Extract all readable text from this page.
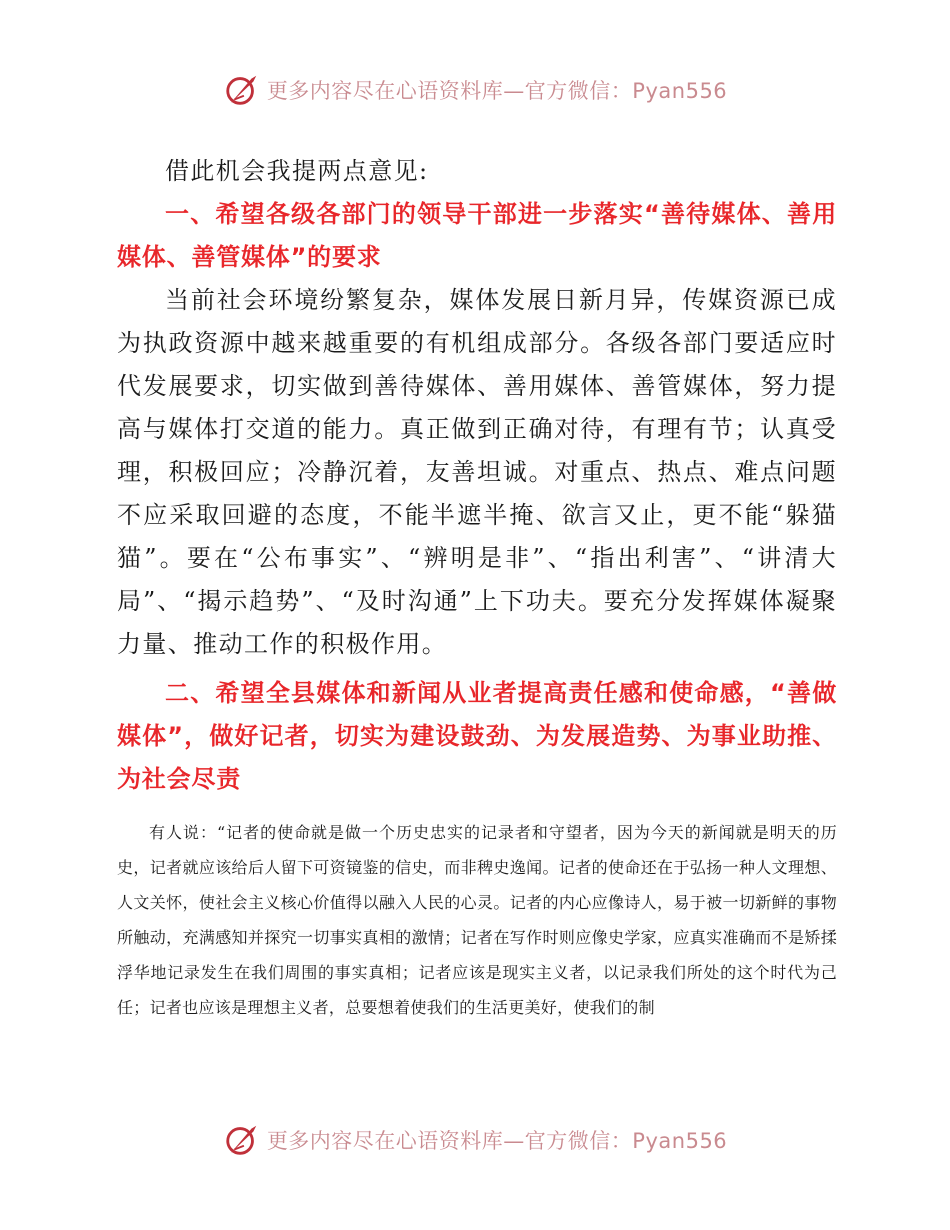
更多内容尽在心语资料库—官方微信：Pyan556

借此机会我提两点意见:

一、希望各级各部门的领导干部进一步落实“善待媒体、善用媒体、善管媒体”的要求

当前社会环境纷繁复杂，媒体发展日新月异，传媒资源已成为执政资源中越来越重要的有机组成部分。各级各部门要适应时代发展要求，切实做到善待媒体、善用媒体、善管媒体，努力提高与媒体打交道的能力。真正做到正确对待，有理有节；认真受理，积极回应；冷静沉着，友善坦诚。对重点、热点、难点问题不应采取回避的态度，不能半遮半掩、欲言又止，更不能“躲猫猫”。要在“公布事实”、“辨明是非”、“指出利害”、“讲清大局”、“揭示趋势”、“及时沟通”上下功夫。要充分发挥媒体凝聚力量、推动工作的积极作用。

二、希望全县媒体和新闻从业者提高责任感和使命感，“善做媒体”，做好记者，切实为建设鼓劲、为发展造势、为事业助推、为社会尽责

有人说：“记者的使命就是做一个历史忠实的记录者和守望者，因为今天的新闻就是明天的历史，记者就应该给后人留下可资镜鉴的信史，而非稗史逸闻。记者的使命还在于弘扬一种人文理想、人文关怀，使社会主义核心价值得以融入人民的心灵。记者的内心应像诗人，易于被一切新鲜的事物所触动，充满感知并探究一切事实真相的激情；记者在写作时则应像史学家，应真实准确而不是矫揉浮华地记录发生在我们周围的事实真相；记者应该是现实主义者，以记录我们所处的这个时代为己任；记者也应该是理想主义者，总要想着使我们的生活更美好，使我们的制

更多内容尽在心语资料库—官方微信：Pyan556
